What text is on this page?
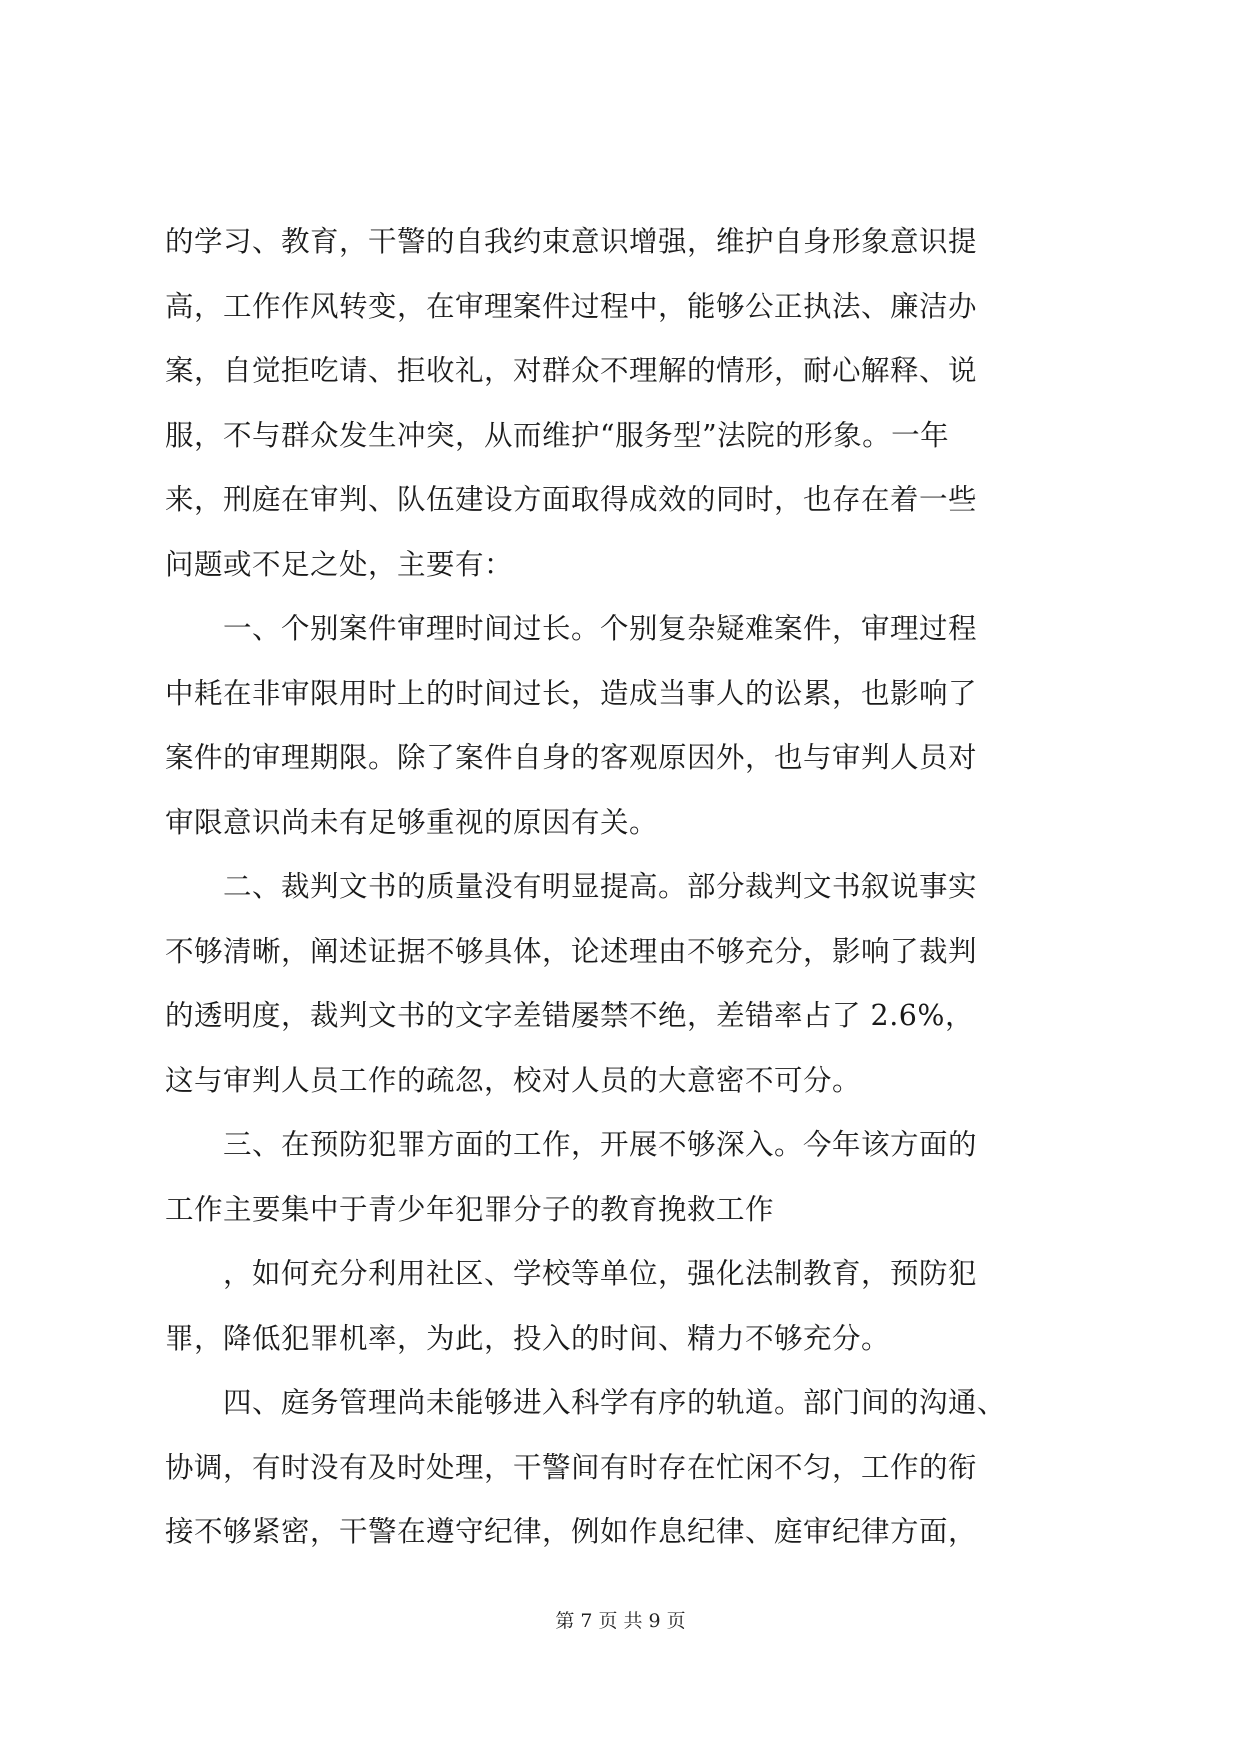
的学习、教育，干警的自我约束意识增强，维护自身形象意识提
高，工作作风转变，在审理案件过程中，能够公正执法、廉洁办
案，自觉拒吃请、拒收礼，对群众不理解的情形，耐心解释、说
服，不与群众发生冲突，从而维护“服务型”法院的形象。一年
来，刑庭在审判、队伍建设方面取得成效的同时，也存在着一些
问题或不足之处，主要有：
　　一、个别案件审理时间过长。个别复杂疑难案件，审理过程
中耗在非审限用时上的时间过长，造成当事人的讼累，也影响了
案件的审理期限。除了案件自身的客观原因外，也与审判人员对
审限意识尚未有足够重视的原因有关。
　　二、裁判文书的质量没有明显提高。部分裁判文书叙说事实
不够清晰，阐述证据不够具体，论述理由不够充分，影响了裁判
的透明度，裁判文书的文字差错屡禁不绝，差错率占了 2.6%，
这与审判人员工作的疏忽，校对人员的大意密不可分。
　　三、在预防犯罪方面的工作，开展不够深入。今年该方面的
工作主要集中于青少年犯罪分子的教育挽救工作
　　，如何充分利用社区、学校等单位，强化法制教育，预防犯
罪，降低犯罪机率，为此，投入的时间、精力不够充分。
　　四、庭务管理尚未能够进入科学有序的轨道。部门间的沟通、
协调，有时没有及时处理，干警间有时存在忙闲不匀，工作的衔
接不够紧密，干警在遵守纪律，例如作息纪律、庭审纪律方面，
第 7 页 共 9 页
